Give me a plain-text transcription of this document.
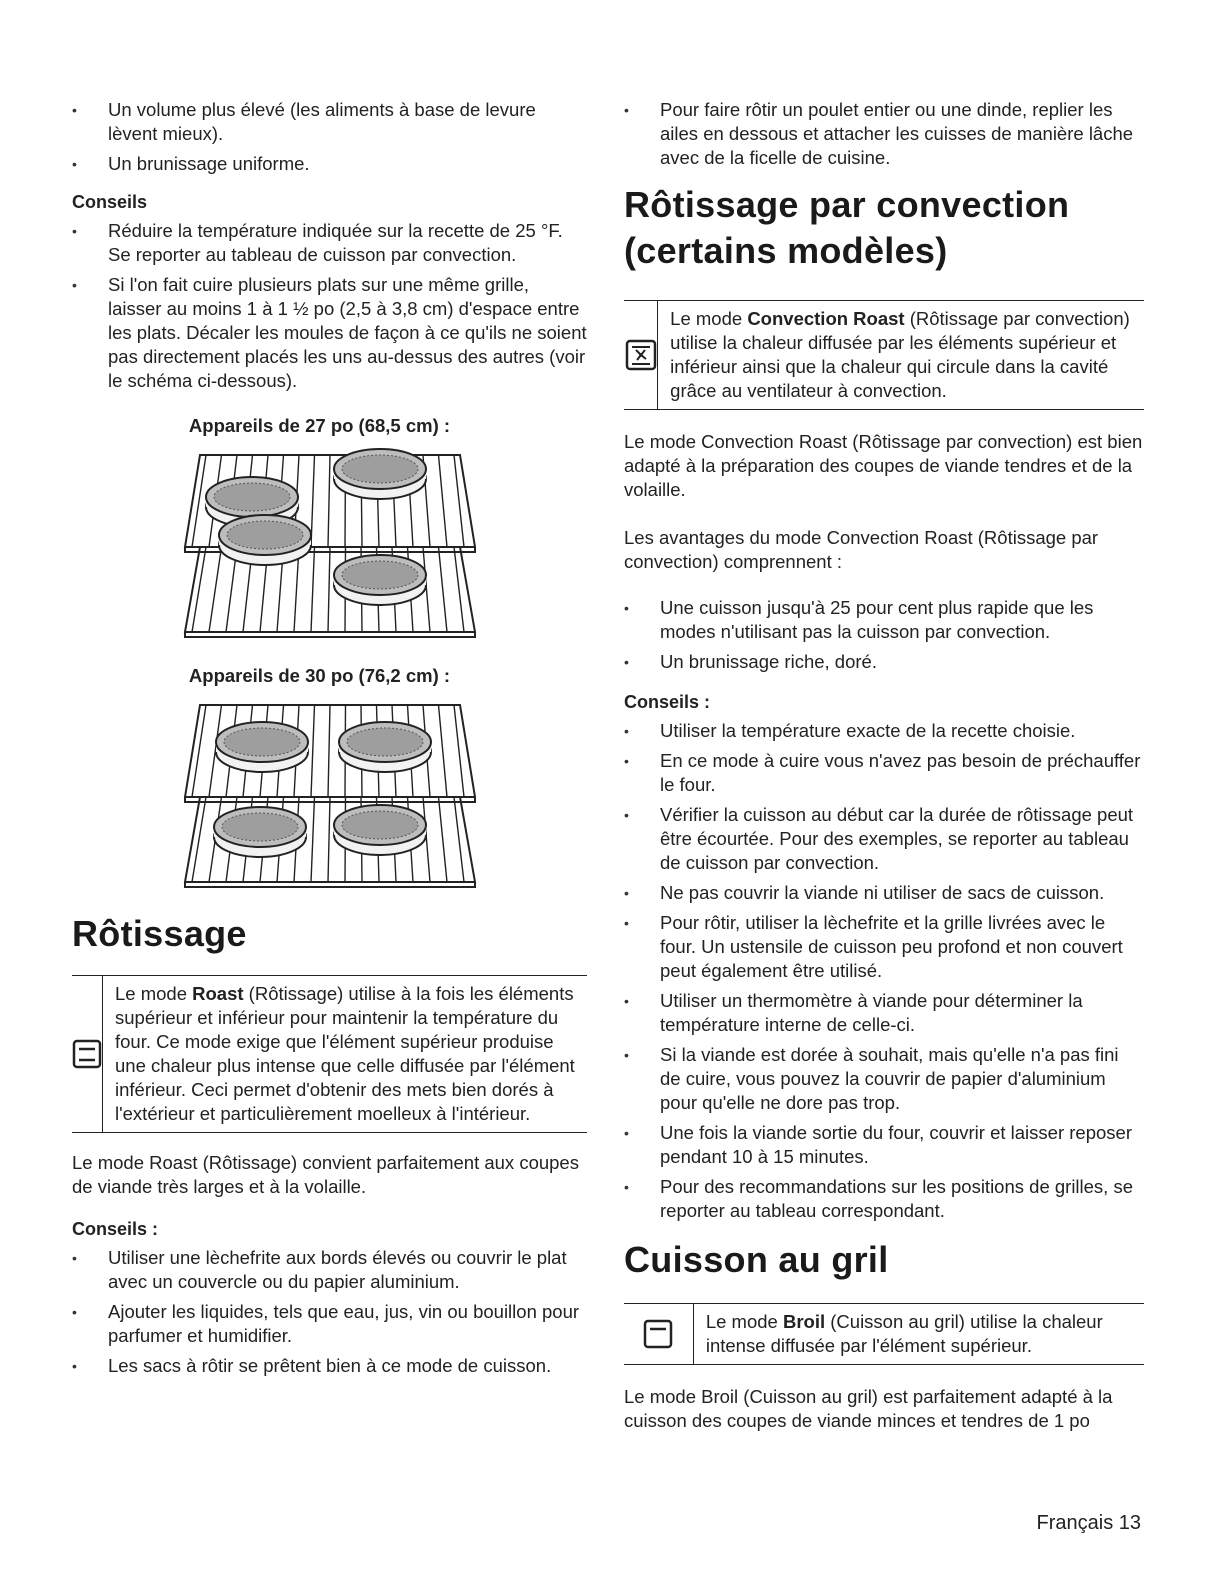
• Un volume plus élevé (les aliments à base de levure lèvent mieux).
• Un brunissage uniforme.

Conseils

• Réduire la température indiquée sur la recette de 25 °F. Se reporter au tableau de cuisson par convection.
• Si l'on fait cuire plusieurs plats sur une même grille, laisser au moins 1 à 1 ½ po (2,5 à 3,8 cm) d'espace entre les plats. Décaler les moules de façon à ce qu'ils ne soient pas directement placés les uns au-dessus des autres (voir le schéma ci-dessous).

Appareils de 27 po (68,5 cm) :

Appareils de 30 po (76,2 cm) :

Rôtissage

Le mode Roast (Rôtissage) utilise à la fois les éléments supérieur et inférieur pour maintenir la température du four. Ce mode exige que l'élément supérieur produise une chaleur plus intense que celle diffusée par l'élément inférieur. Ceci permet d'obtenir des mets bien dorés à l'extérieur et particulièrement moelleux à l'intérieur.

Le mode Roast (Rôtissage) convient parfaitement aux coupes de viande très larges et à la volaille.

Conseils :

• Utiliser une lèchefrite aux bords élevés ou couvrir le plat avec un couvercle ou du papier aluminium.
• Ajouter les liquides, tels que eau, jus, vin ou bouillon pour parfumer et humidifier.
• Les sacs à rôtir se prêtent bien à ce mode de cuisson.
• Pour faire rôtir un poulet entier ou une dinde, replier les ailes en dessous et attacher les cuisses de manière lâche avec de la ficelle de cuisine.
Rôtissage par convection (certains modèles)

Le mode Convection Roast (Rôtissage par convection) utilise la chaleur diffusée par les éléments supérieur et inférieur ainsi que la chaleur qui circule dans la cavité grâce au ventilateur à convection.

Le mode Convection Roast (Rôtissage par convection) est bien adapté à la préparation des coupes de viande tendres et de la volaille.

Les avantages du mode Convection Roast (Rôtissage par convection) comprennent :

• Une cuisson jusqu'à 25 pour cent plus rapide que les modes n'utilisant pas la cuisson par convection.
• Un brunissage riche, doré.

Conseils :

• Utiliser la température exacte de la recette choisie.
• En ce mode à cuire vous n'avez pas besoin de préchauffer le four.
• Vérifier la cuisson au début car la durée de rôtissage peut être écourtée. Pour des exemples, se reporter au tableau de cuisson par convection.
• Ne pas couvrir la viande ni utiliser de sacs de cuisson.
• Pour rôtir, utiliser la lèchefrite et la grille livrées avec le four. Un ustensile de cuisson peu profond et non couvert peut également être utilisé.
• Utiliser un thermomètre à viande pour déterminer la température interne de celle-ci.
• Si la viande est dorée à souhait, mais qu'elle n'a pas fini de cuire, vous pouvez la couvrir de papier d'aluminium pour qu'elle ne dore pas trop.
• Une fois la viande sortie du four, couvrir et laisser reposer pendant 10 à 15 minutes.
• Pour des recommandations sur les positions de grilles, se reporter au tableau correspondant.
Cuisson au gril

Le mode Broil (Cuisson au gril) utilise la chaleur intense diffusée par l'élément supérieur.

Le mode Broil (Cuisson au gril) est parfaitement adapté à la cuisson des coupes de viande minces et tendres de 1 po

Français 13
